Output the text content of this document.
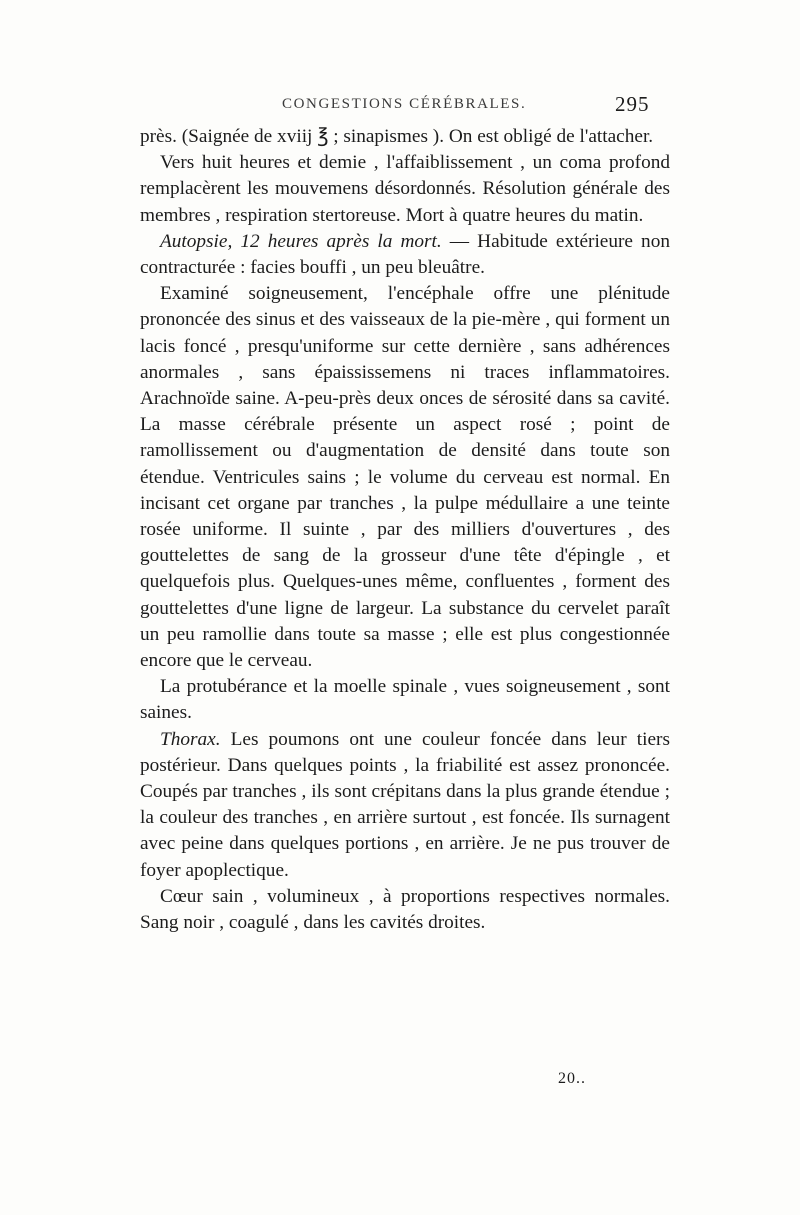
CONGESTIONS CÉRÉBRALES.	295

près. (Saignée de xviij ℥ ; sinapismes ). On est obligé de l'attacher.

Vers huit heures et demie , l'affaiblissement , un coma profond remplacèrent les mouvemens désordonnés. Résolution générale des membres , respiration stertoreuse. Mort à quatre heures du matin.

Autopsie, 12 heures après la mort. — Habitude extérieure non contracturée : facies bouffi , un peu bleuâtre.

Examiné soigneusement, l'encéphale offre une plénitude prononcée des sinus et des vaisseaux de la pie-mère , qui forment un lacis foncé , presqu'uniforme sur cette dernière , sans adhérences anormales , sans épaississemens ni traces inflammatoires. Arachnoïde saine. A-peu-près deux onces de sérosité dans sa cavité. La masse cérébrale présente un aspect rosé ; point de ramollissement ou d'augmentation de densité dans toute son étendue. Ventricules sains ; le volume du cerveau est normal. En incisant cet organe par tranches , la pulpe médullaire a une teinte rosée uniforme. Il suinte , par des milliers d'ouvertures , des gouttelettes de sang de la grosseur d'une tête d'épingle , et quelquefois plus. Quelques-unes même, confluentes , forment des gouttelettes d'une ligne de largeur. La substance du cervelet paraît un peu ramollie dans toute sa masse ; elle est plus congestionnée encore que le cerveau.

La protubérance et la moelle spinale , vues soigneusement , sont saines.

Thorax. Les poumons ont une couleur foncée dans leur tiers postérieur. Dans quelques points , la friabilité est assez prononcée. Coupés par tranches , ils sont crépitans dans la plus grande étendue ; la couleur des tranches , en arrière surtout , est foncée. Ils surnagent avec peine dans quelques portions , en arrière. Je ne pus trouver de foyer apoplectique.

Cœur sain , volumineux , à proportions respectives normales. Sang noir , coagulé , dans les cavités droites.

20..
